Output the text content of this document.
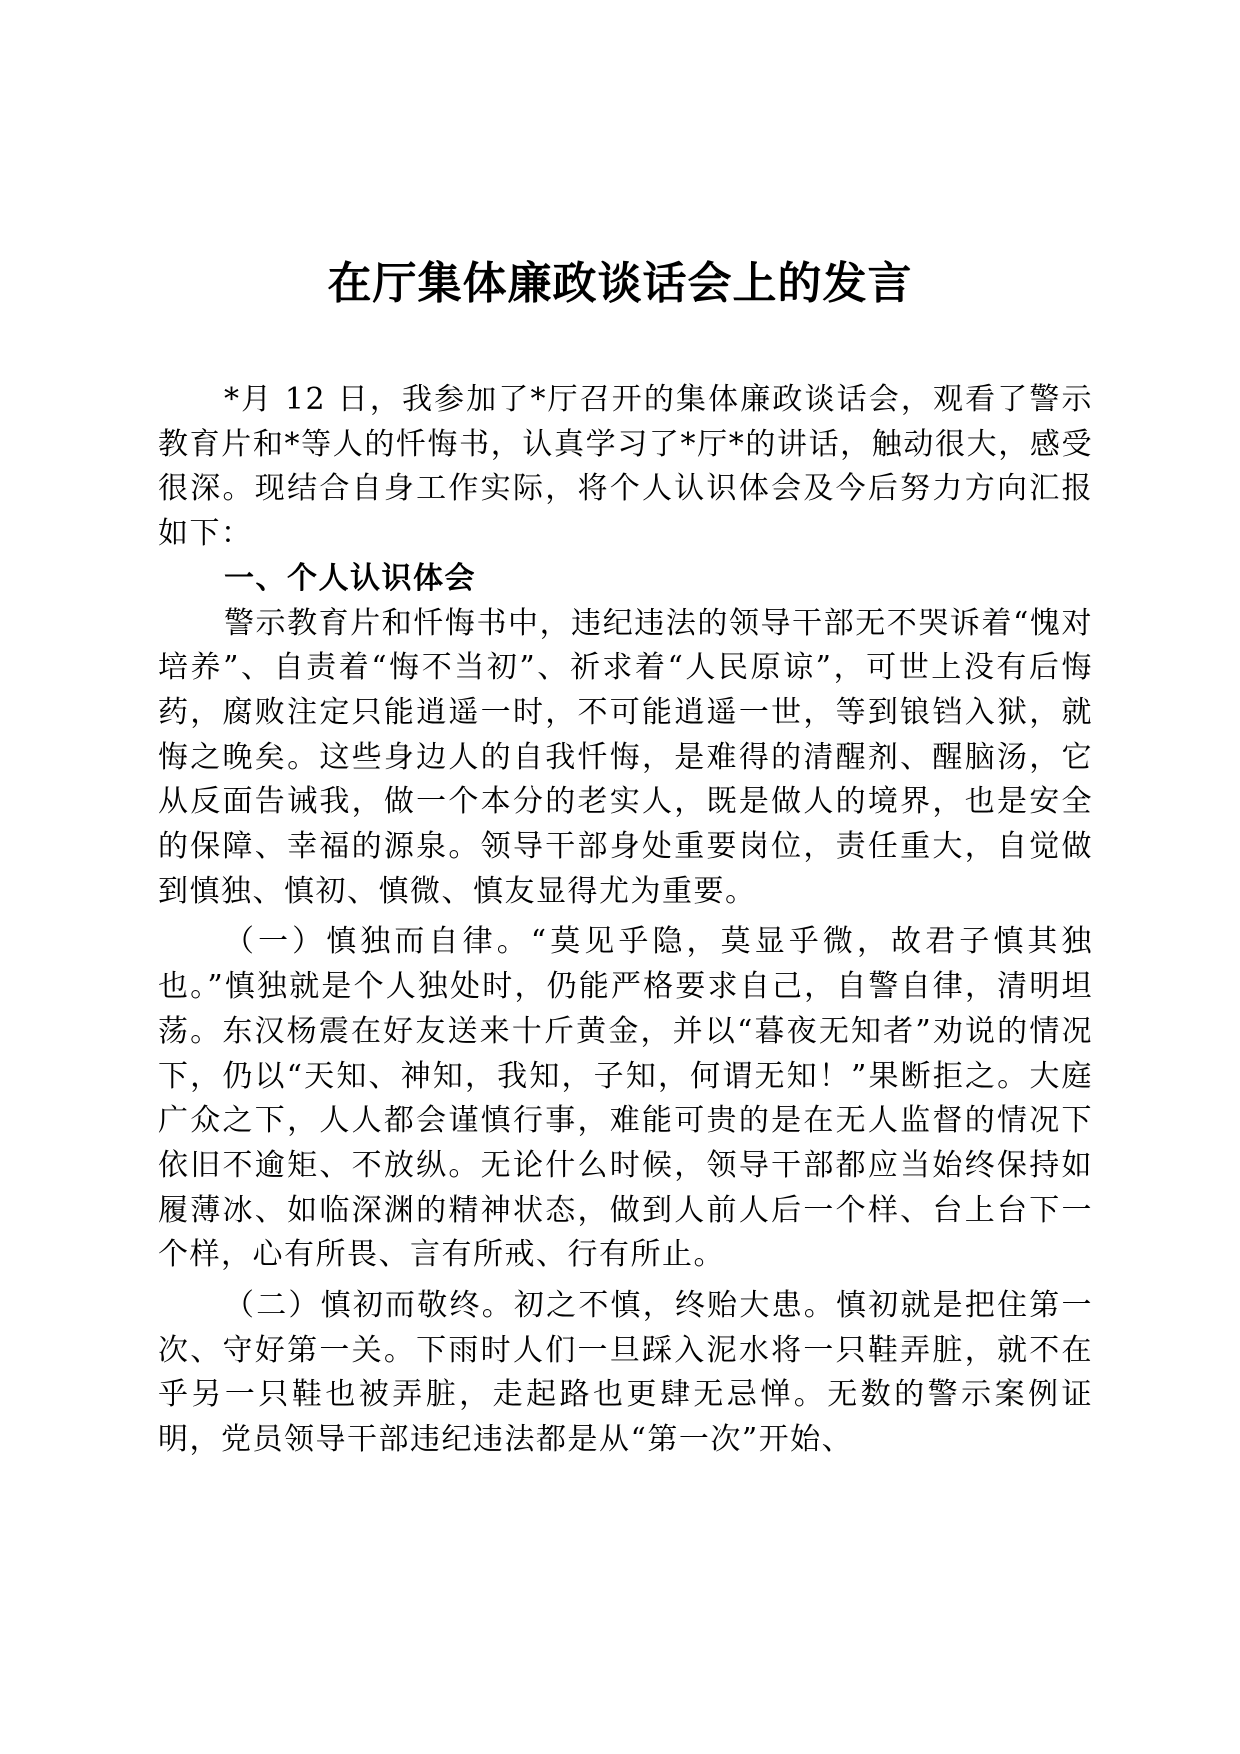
在厅集体廉政谈话会上的发言

*月 12 日，我参加了*厅召开的集体廉政谈话会，观看了警示教育片和*等人的忏悔书，认真学习了*厅*的讲话，触动很大，感受很深。现结合自身工作实际，将个人认识体会及今后努力方向汇报如下：

一、个人认识体会

警示教育片和忏悔书中，违纪违法的领导干部无不哭诉着“愧对培养”、自责着“悔不当初”、祈求着“人民原谅”，可世上没有后悔药，腐败注定只能逍遥一时，不可能逍遥一世，等到锒铛入狱，就悔之晚矣。这些身边人的自我忏悔，是难得的清醒剂、醒脑汤，它从反面告诫我，做一个本分的老实人，既是做人的境界，也是安全的保障、幸福的源泉。领导干部身处重要岗位，责任重大，自觉做到慎独、慎初、慎微、慎友显得尤为重要。

（一）慎独而自律。“莫见乎隐，莫显乎微，故君子慎其独也。”慎独就是个人独处时，仍能严格要求自己，自警自律，清明坦荡。东汉杨震在好友送来十斤黄金，并以“暮夜无知者”劝说的情况下，仍以“天知、神知，我知，子知，何谓无知！”果断拒之。大庭广众之下，人人都会谨慎行事，难能可贵的是在无人监督的情况下依旧不逾矩、不放纵。无论什么时候，领导干部都应当始终保持如履薄冰、如临深渊的精神状态，做到人前人后一个样、台上台下一个样，心有所畏、言有所戒、行有所止。

（二）慎初而敬终。初之不慎，终贻大患。慎初就是把住第一次、守好第一关。下雨时人们一旦踩入泥水将一只鞋弄脏，就不在乎另一只鞋也被弄脏，走起路也更肆无忌惮。无数的警示案例证明，党员领导干部违纪违法都是从“第一次”开始、
